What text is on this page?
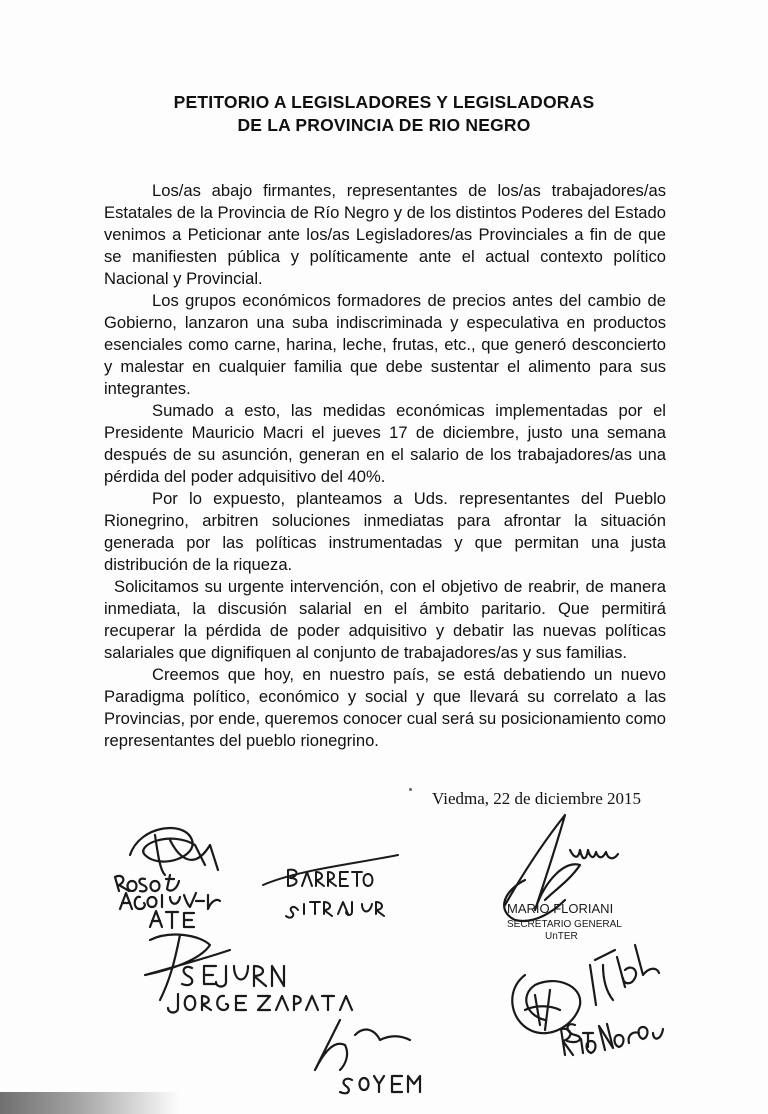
PETITORIO A LEGISLADORES Y LEGISLADORAS
DE LA PROVINCIA DE RIO NEGRO

Los/as abajo firmantes, representantes de los/as trabajadores/as Estatales de la Provincia de Río Negro y de los distintos Poderes del Estado venimos a Peticionar ante los/as Legisladores/as Provinciales a fin de que se manifiesten pública y políticamente ante el actual contexto político Nacional y Provincial.

Los grupos económicos formadores de precios antes del cambio de Gobierno, lanzaron una suba indiscriminada y especulativa en productos esenciales como carne, harina, leche, frutas, etc., que generó desconcierto y malestar en cualquier familia que debe sustentar el alimento para sus integrantes.

Sumado a esto, las medidas económicas implementadas por el Presidente Mauricio Macri el jueves 17 de diciembre, justo una semana después de su asunción, generan en el salario de los trabajadores/as una pérdida del poder adquisitivo del 40%.

Por lo expuesto, planteamos a Uds. representantes del Pueblo Rionegrino, arbitren soluciones inmediatas para afrontar la situación generada por las políticas instrumentadas y que permitan una justa distribución de la riqueza.

Solicitamos su urgente intervención, con el objetivo de reabrir, de manera inmediata, la discusión salarial en el ámbito paritario. Que permitirá recuperar la pérdida de poder adquisitivo y debatir las nuevas políticas salariales que dignifiquen al conjunto de trabajadores/as y sus familias.

Creemos que hoy, en nuestro país, se está debatiendo un nuevo Paradigma político, económico y social y que llevará su correlato a las Provincias, por ende, queremos conocer cual será su posicionamiento como representantes del pueblo rionegrino.

Viedma, 22 de diciembre 2015
MARIO FLORIANI
SECRETARIO GENERAL
UnTER
